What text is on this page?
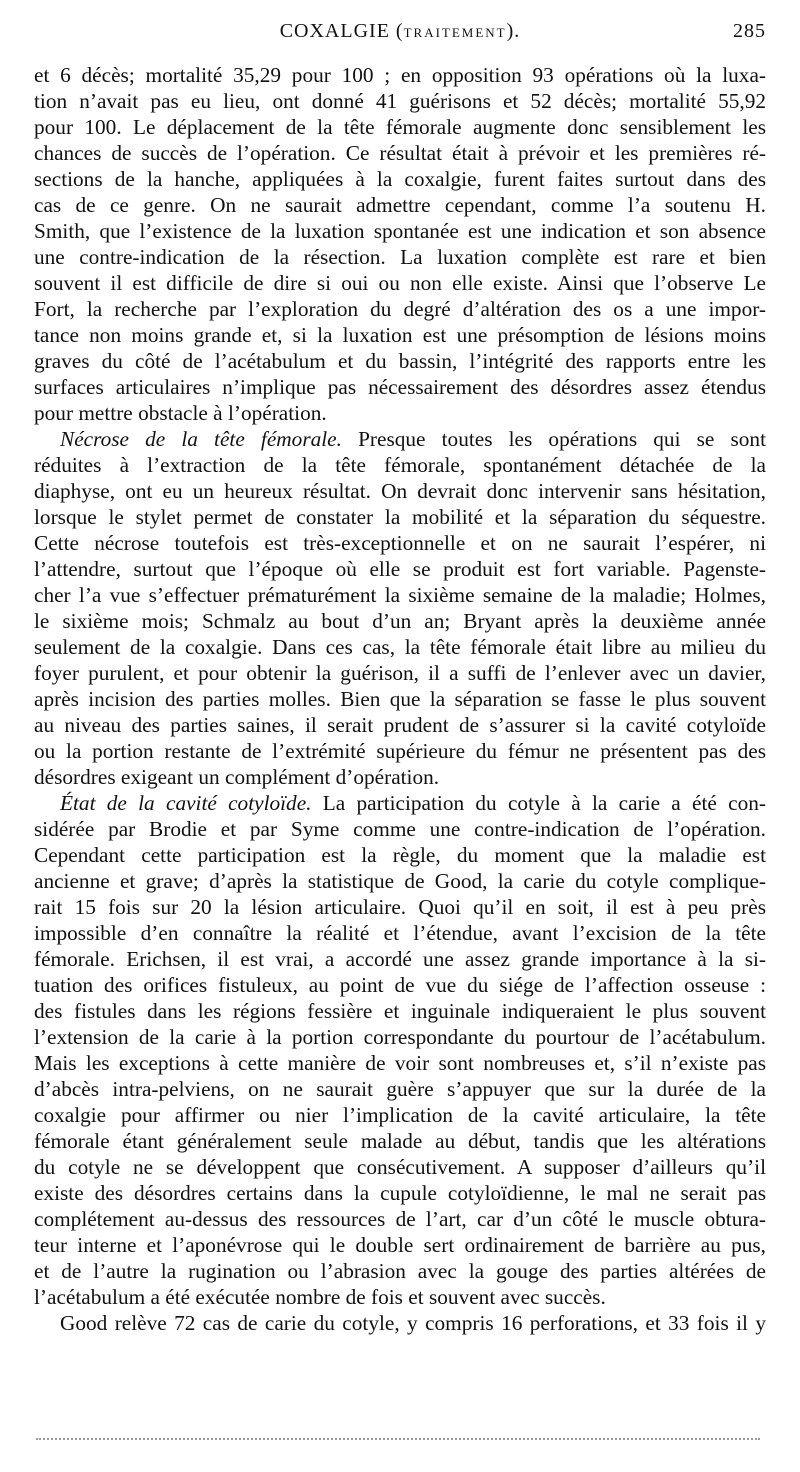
COXALGIE (TRAITEMENT).	285
et 6 décès; mortalité 35,29 pour 100 ; en opposition 93 opérations où la luxa-
tion n’avait pas eu lieu, ont donné 41 guérisons et 52 décès; mortalité 55,92
pour 100. Le déplacement de la tête fémorale augmente donc sensiblement les
chances de succès de l’opération. Ce résultat était à prévoir et les premières ré-
sections de la hanche, appliquées à la coxalgie, furent faites surtout dans des
cas de ce genre. On ne saurait admettre cependant, comme l’a soutenu H.
Smith, que l’existence de la luxation spontanée est une indication et son absence
une contre-indication de la résection. La luxation complète est rare et bien
souvent il est difficile de dire si oui ou non elle existe. Ainsi que l’observe Le
Fort, la recherche par l’exploration du degré d’altération des os a une impor-
tance non moins grande et, si la luxation est une présomption de lésions moins
graves du côté de l’acétabulum et du bassin, l’intégrité des rapports entre les
surfaces articulaires n’implique pas nécessairement des désordres assez étendus
pour mettre obstacle à l’opération.
Nécrose de la tête fémorale. Presque toutes les opérations qui se sont
réduites à l’extraction de la tête fémorale, spontanément détachée de la
diaphyse, ont eu un heureux résultat. On devrait donc intervenir sans hésitation,
lorsque le stylet permet de constater la mobilité et la séparation du séquestre.
Cette nécrose toutefois est très-exceptionnelle et on ne saurait l’espérer, ni
l’attendre, surtout que l’époque où elle se produit est fort variable. Pagenste-
cher l’a vue s’effectuer prématurément la sixième semaine de la maladie; Holmes,
le sixième mois; Schmalz au bout d’un an; Bryant après la deuxième année
seulement de la coxalgie. Dans ces cas, la tête fémorale était libre au milieu du
foyer purulent, et pour obtenir la guérison, il a suffi de l’enlever avec un davier,
après incision des parties molles. Bien que la séparation se fasse le plus souvent
au niveau des parties saines, il serait prudent de s’assurer si la cavité cotyloïde
ou la portion restante de l’extrémité supérieure du fémur ne présentent pas des
désordres exigeant un complément d’opération.
État de la cavité cotyloïde. La participation du cotyle à la carie a été con-
sidérée par Brodie et par Syme comme une contre-indication de l’opération.
Cependant cette participation est la règle, du moment que la maladie est
ancienne et grave; d’après la statistique de Good, la carie du cotyle complique-
rait 15 fois sur 20 la lésion articulaire. Quoi qu’il en soit, il est à peu près
impossible d’en connaître la réalité et l’étendue, avant l’excision de la tête
fémorale. Erichsen, il est vrai, a accordé une assez grande importance à la si-
tuation des orifices fistuleux, au point de vue du siége de l’affection osseuse :
des fistules dans les régions fessière et inguinale indiqueraient le plus souvent
l’extension de la carie à la portion correspondante du pourtour de l’acétabulum.
Mais les exceptions à cette manière de voir sont nombreuses et, s’il n’existe pas
d’abcès intra-pelviens, on ne saurait guère s’appuyer que sur la durée de la
coxalgie pour affirmer ou nier l’implication de la cavité articulaire, la tête
fémorale étant généralement seule malade au début, tandis que les altérations
du cotyle ne se développent que consécutivement. A supposer d’ailleurs qu’il
existe des désordres certains dans la cupule cotyloïdienne, le mal ne serait pas
complétement au-dessus des ressources de l’art, car d’un côté le muscle obtura-
teur interne et l’aponévrose qui le double sert ordinairement de barrière au pus,
et de l’autre la rugination ou l’abrasion avec la gouge des parties altérées de
l’acétabulum a été exécutée nombre de fois et souvent avec succès.
Good relève 72 cas de carie du cotyle, y compris 16 perforations, et 33 fois il y
